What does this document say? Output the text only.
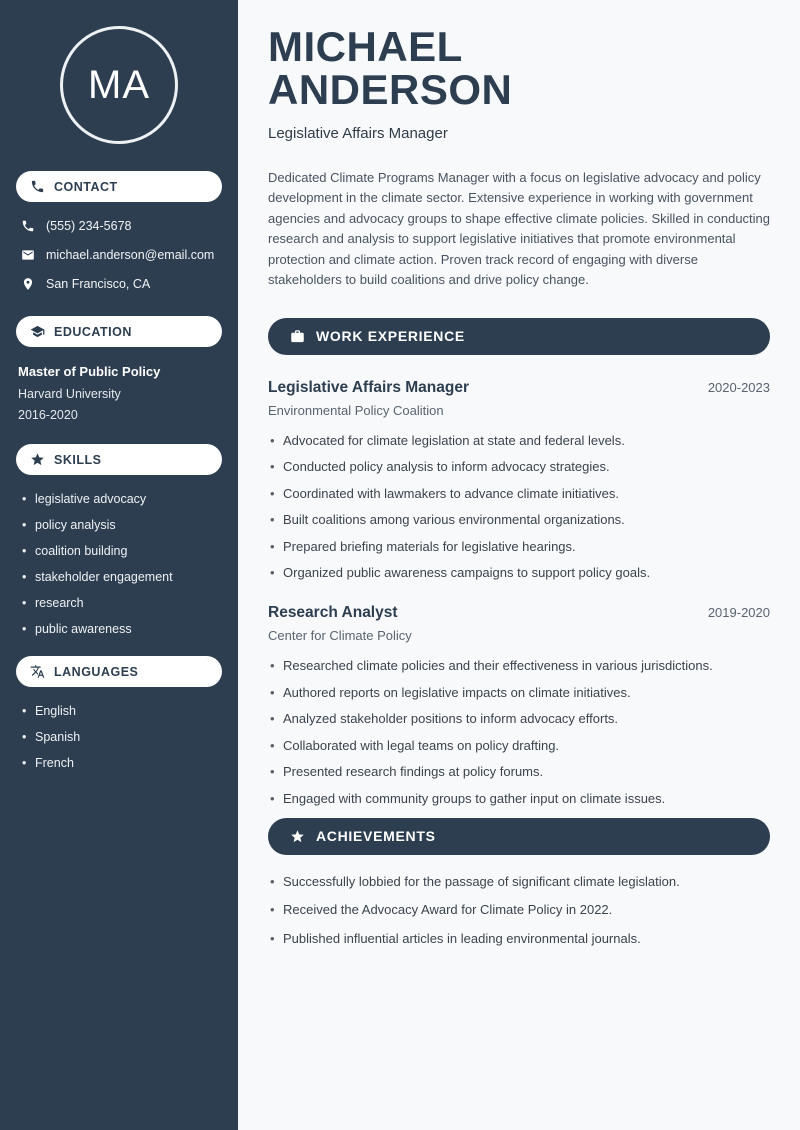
MA
CONTACT
(555) 234-5678
michael.anderson@email.com
San Francisco, CA
EDUCATION
Master of Public Policy
Harvard University
2016-2020
SKILLS
• legislative advocacy
• policy analysis
• coalition building
• stakeholder engagement
• research
• public awareness
LANGUAGES
• English
• Spanish
• French
MICHAEL
ANDERSON
Legislative Affairs Manager

Dedicated Climate Programs Manager with a focus on legislative advocacy and policy development in the climate sector. Extensive experience in working with government agencies and advocacy groups to shape effective climate policies. Skilled in conducting research and analysis to support legislative initiatives that promote environmental protection and climate action. Proven track record of engaging with diverse stakeholders to build coalitions and drive policy change.

WORK EXPERIENCE
Legislative Affairs Manager	2020-2023
Environmental Policy Coalition
• Advocated for climate legislation at state and federal levels.
• Conducted policy analysis to inform advocacy strategies.
• Coordinated with lawmakers to advance climate initiatives.
• Built coalitions among various environmental organizations.
• Prepared briefing materials for legislative hearings.
• Organized public awareness campaigns to support policy goals.
Research Analyst	2019-2020
Center for Climate Policy
• Researched climate policies and their effectiveness in various jurisdictions.
• Authored reports on legislative impacts on climate initiatives.
• Analyzed stakeholder positions to inform advocacy efforts.
• Collaborated with legal teams on policy drafting.
• Presented research findings at policy forums.
• Engaged with community groups to gather input on climate issues.
ACHIEVEMENTS
• Successfully lobbied for the passage of significant climate legislation.
• Received the Advocacy Award for Climate Policy in 2022.
• Published influential articles in leading environmental journals.
